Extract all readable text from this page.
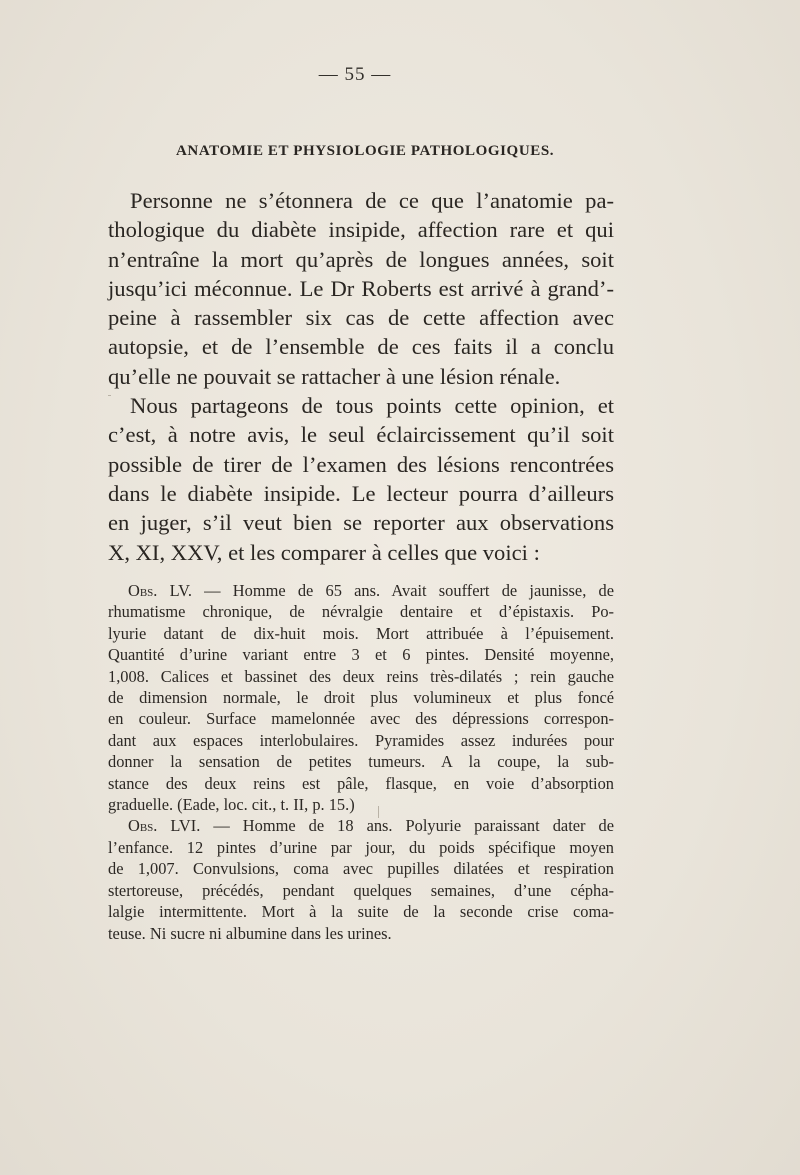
— 55 —
ANATOMIE ET PHYSIOLOGIE PATHOLOGIQUES.
Personne ne s’étonnera de ce que l’anatomie pa-
thologique du diabète insipide, affection rare et qui
n’entraîne la mort qu’après de longues années, soit
jusqu’ici méconnue. Le Dr Roberts est arrivé à grand’-
peine à rassembler six cas de cette affection avec
autopsie, et de l’ensemble de ces faits il a conclu
qu’elle ne pouvait se rattacher à une lésion rénale.
Nous partageons de tous points cette opinion, et
c’est, à notre avis, le seul éclaircissement qu’il soit
possible de tirer de l’examen des lésions rencontrées
dans le diabète insipide. Le lecteur pourra d’ailleurs
en juger, s’il veut bien se reporter aux observations
X, XI, XXV, et les comparer à celles que voici :
Obs. LV. — Homme de 65 ans. Avait souffert de jaunisse, de
rhumatisme chronique, de névralgie dentaire et d’épistaxis. Po-
lyurie datant de dix-huit mois. Mort attribuée à l’épuisement.
Quantité d’urine variant entre 3 et 6 pintes. Densité moyenne,
1,008. Calices et bassinet des deux reins très-dilatés ; rein gauche
de dimension normale, le droit plus volumineux et plus foncé
en couleur. Surface mamelonnée avec des dépressions correspon-
dant aux espaces interlobulaires. Pyramides assez indurées pour
donner la sensation de petites tumeurs. A la coupe, la sub-
stance des deux reins est pâle, flasque, en voie d’absorption
graduelle. (Eade, loc. cit., t. II, p. 15.)
Obs. LVI. — Homme de 18 ans. Polyurie paraissant dater de
l’enfance. 12 pintes d’urine par jour, du poids spécifique moyen
de 1,007. Convulsions, coma avec pupilles dilatées et respiration
stertoreuse, précédés, pendant quelques semaines, d’une cépha-
lalgie intermittente. Mort à la suite de la seconde crise coma-
teuse. Ni sucre ni albumine dans les urines.
